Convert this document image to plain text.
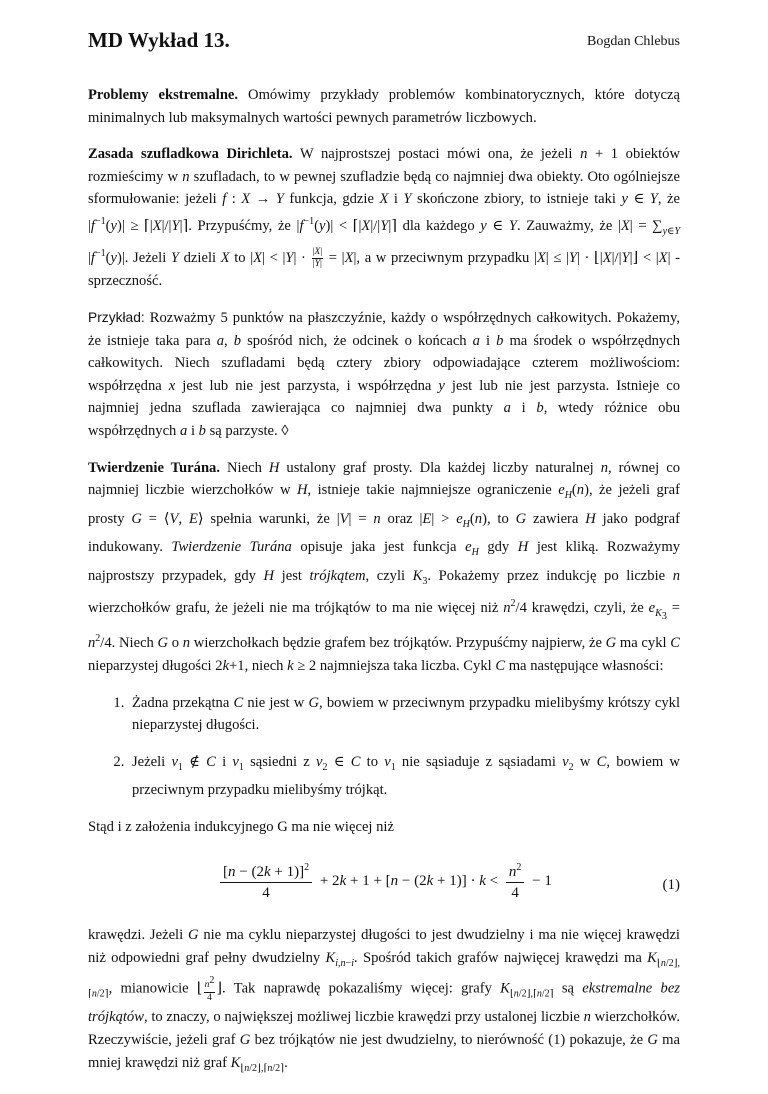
MD Wykład 13.	Bogdan Chlebus

Problemy ekstremalne. Omówimy przykłady problemów kombinatorycznych, które dotyczą minimalnych lub maksymalnych wartości pewnych parametrów liczbowych.

Zasada szufladkowa Dirichleta. W najprostszej postaci mówi ona, że jeżeli n + 1 obiektów rozmieścimy w n szufladach, to w pewnej szufladzie będą co najmniej dwa obiekty. Oto ogólniejsze sformułowanie: jeżeli f : X → Y funkcja, gdzie X i Y skończone zbiory, to istnieje taki y ∈ Y, że $|f^{-1}(y)|$ ≥ ⌈|X|/|Y|⌉. Przypuśćmy, że $|f^{-1}(y)|$ < ⌈|X|/|Y|⌉ dla każdego y ∈ Y. Zauważmy, że $|X| = \sum_{y\in Y}$ $|f^{-1}(y)|$. Jeżeli Y dzieli X to $|X| < |Y| \cdot \frac{|X|}{|Y|} = |X|$, a w przeciwnym przypadku |X| ≤ |Y| · ⌊|X|/|Y|⌋ < |X| - sprzeczność.

Przykład: Rozważmy 5 punktów na płaszczyźnie, każdy o współrzędnych całkowitych. Pokażemy, że istnieje taka para a, b spośród nich, że odcinek o końcach a i b ma środek o współrzędnych całkowitych. Niech szufladami będą cztery zbiory odpowiadające czterem możliwościom: współrzędna x jest lub nie jest parzysta, i współrzędna y jest lub nie jest parzysta. Istnieje co najmniej jedna szuflada zawierająca co najmniej dwa punkty a i b, wtedy różnice obu współrzędnych a i b są parzyste. ◊

Twierdzenie Turána. Niech H ustalony graf prosty. Dla każdej liczby naturalnej n, równej co najmniej liczbie wierzchołków w H, istnieje takie najmniejsze ograniczenie $e_H(n)$, że jeżeli graf prosty G = ⟨V, E⟩ spełnia warunki, że |V| = n oraz $|E| > e_H(n)$, to G zawiera H jako podgraf indukowany. Twierdzenie Turána opisuje jaka jest funkcja $e_H$ gdy H jest kliką. Rozważymy najprostszy przypadek, gdy H jest trójkątem, czyli $K_3$. Pokażemy przez indukcję po liczbie n wierzchołków grafu, że jeżeli nie ma trójkątów to ma nie więcej niż $n^2/4$ krawędzi, czyli, że $e_{K_3} = n^2/4$. Niech G o n wierzchołkach będzie grafem bez trójkątów. Przypuśćmy najpierw, że G ma cykl C nieparzystej długości 2k+1, niech k ≥ 2 najmniejsza taka liczba. Cykl C ma następujące własności:

1. Żadna przekątna C nie jest w G, bowiem w przeciwnym przypadku mielibyśmy krótszy cykl nieparzystej długości.
2. Jeżeli $v_1$ ∉ C i $v_1$ sąsiedni z $v_2$ ∈ C to $v_1$ nie sąsiaduje z sąsiadami $v_2$ w C, bowiem w przeciwnym przypadku mielibyśmy trójkąt.

Stąd i z założenia indukcyjnego G ma nie więcej niż

$\frac{[n - (2k + 1)]^2}{4} + 2k + 1 + [n - (2k + 1)] \cdot k < \frac{n^2}{4} - 1$	(1)

krawędzi. Jeżeli G nie ma cyklu nieparzystej długości to jest dwudzielny i ma nie więcej krawędzi niż odpowiedni graf pełny dwudzielny $K_{i,n-i}$. Spośród takich grafów najwięcej krawędzi ma $K_{⌊n/2⌋,⌈n/2⌉}$, mianowicie ⌊ $\frac{n^2}{4}$ ⌋. Tak naprawdę pokazaliśmy więcej: grafy $K_{⌊n/2⌋,⌈n/2⌉}$ są ekstremalne bez trójkątów, to znaczy, o największej możliwej liczbie krawędzi przy ustalonej liczbie n wierzchołków. Rzeczywiście, jeżeli graf G bez trójkątów nie jest dwudzielny, to nierówność (1) pokazuje, że G ma mniej krawędzi niż graf $K_{⌊n/2⌋,⌈n/2⌉}$.
